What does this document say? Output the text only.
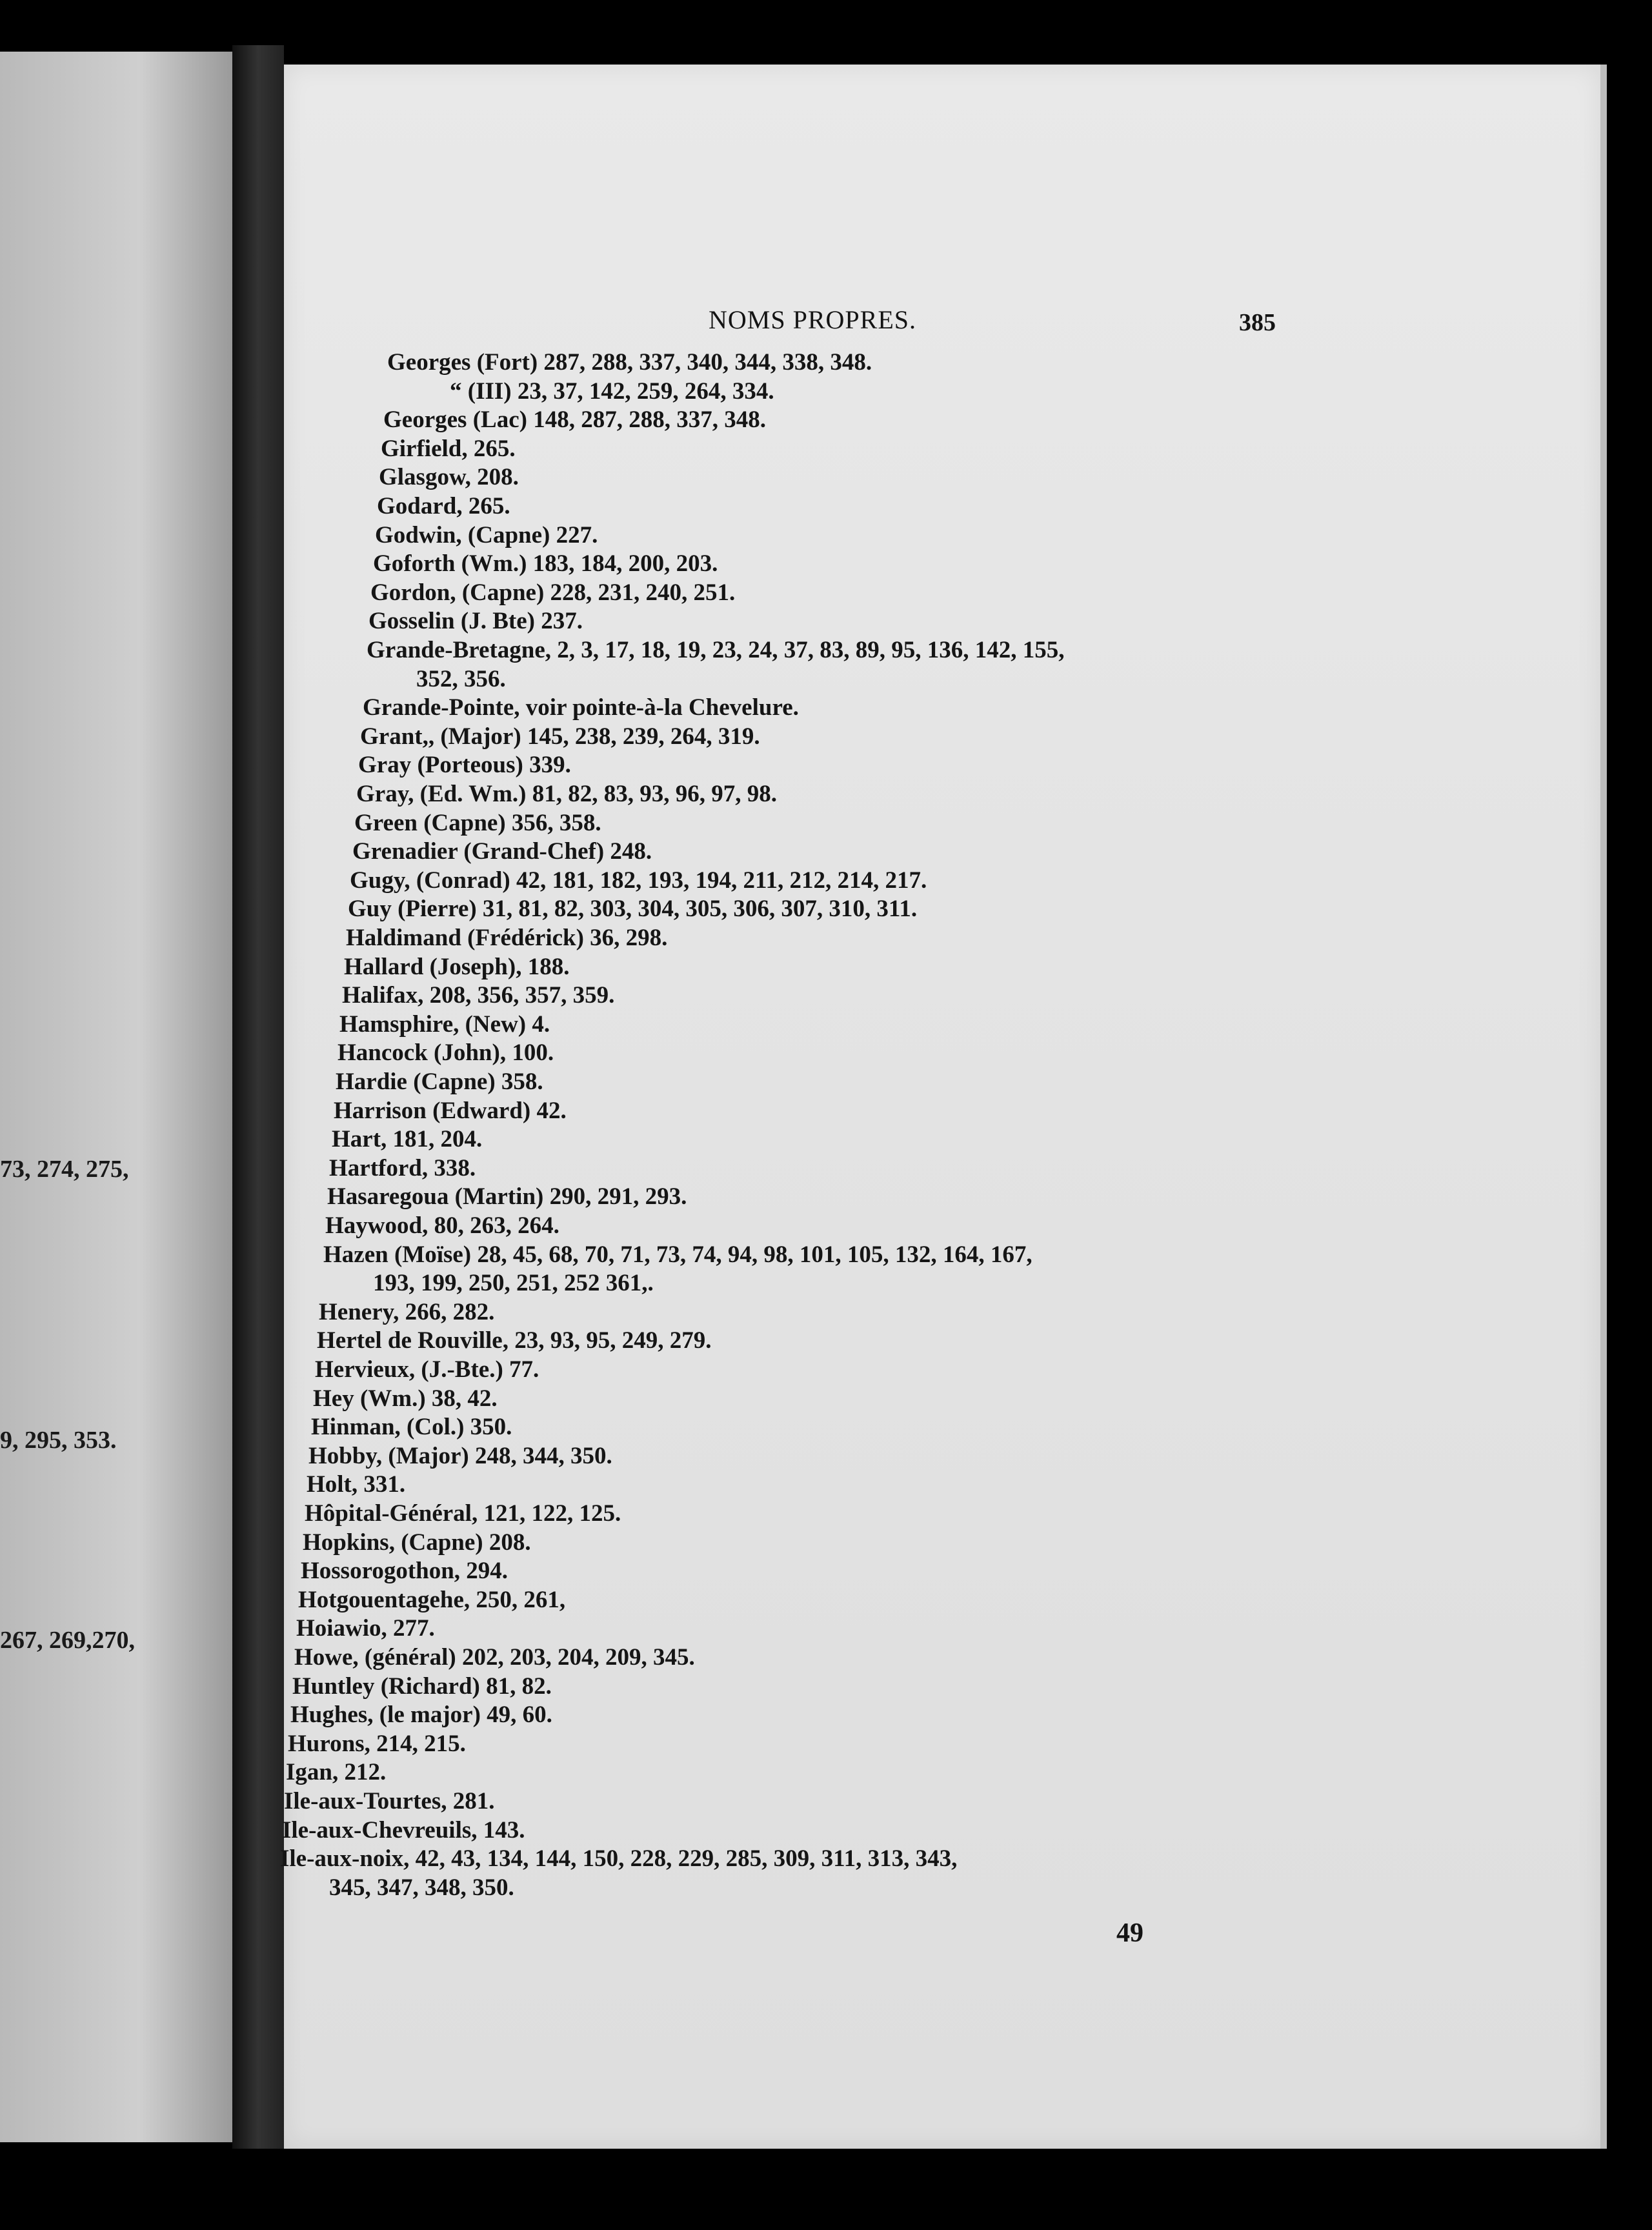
73, 274, 275,
9, 295, 353.
267, 269,270,
NOMS PROPRES.	385
Georges (Fort) 287, 288, 337, 340, 344, 338, 348.
“ (III) 23, 37, 142, 259, 264, 334.
Georges (Lac) 148, 287, 288, 337, 348.
Girfield, 265.
Glasgow, 208.
Godard, 265.
Godwin, (Capne) 227.
Goforth (Wm.) 183, 184, 200, 203.
Gordon, (Capne) 228, 231, 240, 251.
Gosselin (J. Bte) 237.
Grande-Bretagne, 2, 3, 17, 18, 19, 23, 24, 37, 83, 89, 95, 136, 142, 155,
352, 356.
Grande-Pointe, voir pointe-à-la Chevelure.
Grant,, (Major) 145, 238, 239, 264, 319.
Gray (Porteous) 339.
Gray, (Ed. Wm.) 81, 82, 83, 93, 96, 97, 98.
Green (Capne) 356, 358.
Grenadier (Grand-Chef) 248.
Gugy, (Conrad) 42, 181, 182, 193, 194, 211, 212, 214, 217.
Guy (Pierre) 31, 81, 82, 303, 304, 305, 306, 307, 310, 311.
Haldimand (Frédérick) 36, 298.
Hallard (Joseph), 188.
Halifax, 208, 356, 357, 359.
Hamsphire, (New) 4.
Hancock (John), 100.
Hardie (Capne) 358.
Harrison (Edward) 42.
Hart, 181, 204.
Hartford, 338.
Hasaregoua (Martin) 290, 291, 293.
Haywood, 80, 263, 264.
Hazen (Moïse) 28, 45, 68, 70, 71, 73, 74, 94, 98, 101, 105, 132, 164, 167,
193, 199, 250, 251, 252 361,.
Henery, 266, 282.
Hertel de Rouville, 23, 93, 95, 249, 279.
Hervieux, (J.-Bte.) 77.
Hey (Wm.) 38, 42.
Hinman, (Col.) 350.
Hobby, (Major) 248, 344, 350.
Holt, 331.
Hôpital-Général, 121, 122, 125.
Hopkins, (Capne) 208.
Hossorogothon, 294.
Hotgouentagehe, 250, 261,
Hoiawio, 277.
Howe, (général) 202, 203, 204, 209, 345.
Huntley (Richard) 81, 82.
Hughes, (le major) 49, 60.
Hurons, 214, 215.
Igan, 212.
Ile-aux-Tourtes, 281.
Ile-aux-Chevreuils, 143.
Ile-aux-noix, 42, 43, 134, 144, 150, 228, 229, 285, 309, 311, 313, 343,
345, 347, 348, 350.
49
